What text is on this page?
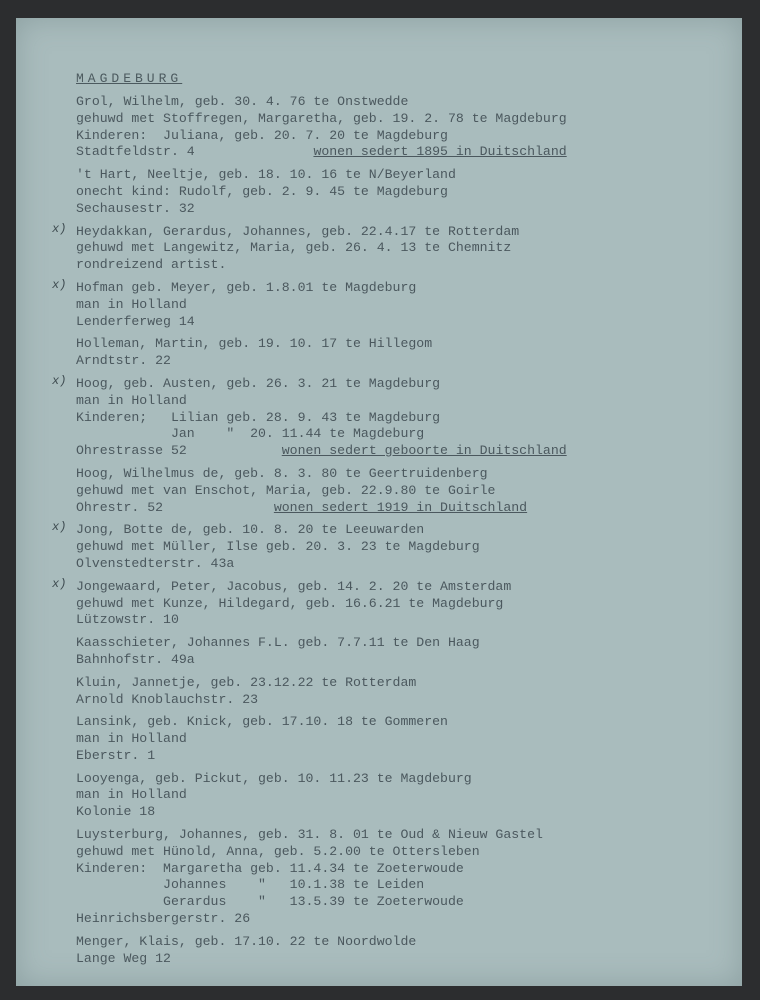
MAGDEBURG
Grol, Wilhelm, geb. 30. 4. 76 te Onstwedde
gehuwd met Stoffregen, Margaretha, geb. 19. 2. 78 te Magdeburg
Kinderen:  Juliana, geb. 20. 7. 20 te Magdeburg
Stadtfeldstr. 4	wonen sedert 1895 in Duitschland
't Hart, Neeltje, geb. 18. 10. 16 te N/Beyerland
onecht kind: Rudolf, geb. 2. 9. 45 te Magdeburg
Sechausestr. 32
x) Heydakkan, Gerardus, Johannes, geb. 22.4.17 te Rotterdam
gehuwd met Langewitz, Maria, geb. 26. 4. 13 te Chemnitz
rondreizend artist.
x) Hofman geb. Meyer, geb. 1.8.01 te Magdeburg
man in Holland
Lenderferweg 14
Holleman, Martin, geb. 19. 10. 17 te Hillegom
Arndtstr. 22
x) Hoog, geb. Austen, geb. 26. 3. 21 te Magdeburg
man in Holland
Kinderen;   Lilian geb. 28. 9. 43 te Magdeburg
Jan    "  20. 11.44 te Magdeburg
Ohrestrasse 52	wonen sedert geboorte in Duitschland
Hoog, Wilhelmus de, geb. 8. 3. 80 te Geertruidenberg
gehuwd met van Enschot, Maria, geb. 22.9.80 te Goirle
Ohrestr. 52	wonen sedert 1919 in Duitschland
x) Jong, Botte de, geb. 10. 8. 20 te Leeuwarden
gehuwd met Müller, Ilse geb. 20. 3. 23 te Magdeburg
Olvenstedterstr. 43a
x) Jongewaard, Peter, Jacobus, geb. 14. 2. 20 te Amsterdam
gehuwd met Kunze, Hildegard, geb. 16.6.21 te Magdeburg
Lützowstr. 10
Kaasschieter, Johannes F.L. geb. 7.7.11 te Den Haag
Bahnhofstr. 49a
Kluin, Jannetje, geb. 23.12.22 te Rotterdam
Arnold Knoblauchstr. 23
Lansink, geb. Knick, geb. 17.10. 18 te Gommeren
man in Holland
Eberstr. 1
Looyenga, geb. Pickut, geb. 10. 11.23 te Magdeburg
man in Holland
Kolonie 18
Luysterburg, Johannes, geb. 31. 8. 01 te Oud & Nieuw Gastel
gehuwd met Hünold, Anna, geb. 5.2.00 te Ottersleben
Kinderen:  Margaretha geb. 11.4.34 te Zoeterwoude
Johannes    "   10.1.38 te Leiden
Gerardus    "   13.5.39 te Zoeterwoude
Heinrichsbergerstr. 26
Menger, Klais, geb. 17.10. 22 te Noordwolde
Lange Weg 12
